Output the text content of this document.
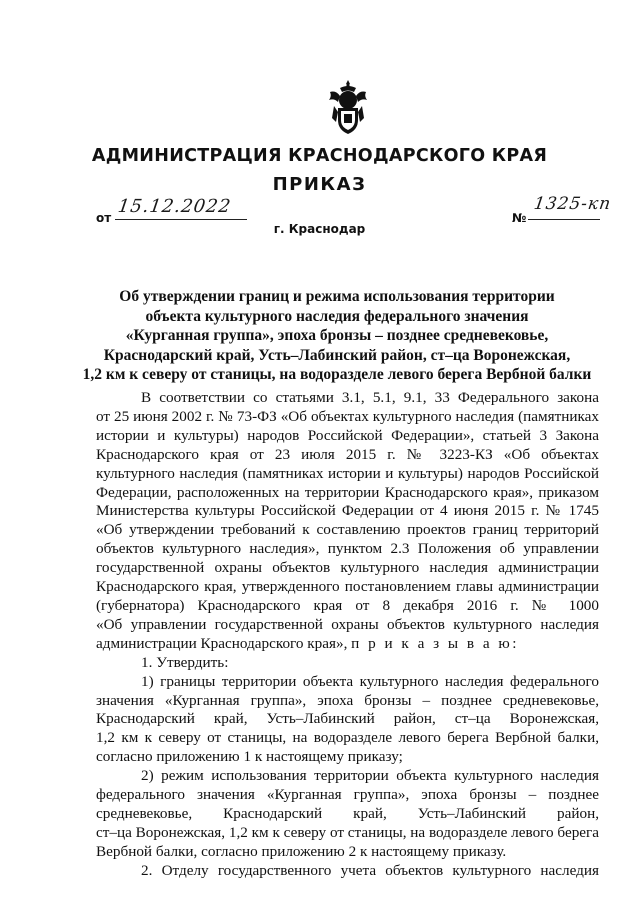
АДМИНИСТРАЦИЯ КРАСНОДАРСКОГО КРАЯ
ПРИКАЗ
от
15.12.2022
№
1325-кп
г. Краснодар
Об утверждении границ и режима использования территории
объекта культурного наследия федерального значения
«Курганная группа», эпоха бронзы – позднее средневековье,
Краснодарский край, Усть–Лабинский район, ст–ца Воронежская,
1,2 км к северу от станицы, на водоразделе левого берега Вербной балки
В соответствии со статьями 3.1, 5.1, 9.1, 33 Федерального закона
от 25 июня 2002 г. № 73-ФЗ «Об объектах культурного наследия (памятниках
истории и культуры) народов Российской Федерации», статьей 3 Закона
Краснодарского края от 23 июля 2015 г. № 3223-КЗ «Об объектах
культурного наследия (памятниках истории и культуры) народов Российской
Федерации, расположенных на территории Краснодарского края», приказом
Министерства культуры Российской Федерации от 4 июня 2015 г. № 1745
«Об утверждении требований к составлению проектов границ территорий
объектов культурного наследия», пунктом 2.3 Положения об управлении
государственной охраны объектов культурного наследия администрации
Краснодарского края, утвержденного постановлением главы администрации
(губернатора) Краснодарского края от 8 декабря 2016 г. № 1000
«Об управлении государственной охраны объектов культурного наследия
администрации Краснодарского края», п р и к а з ы в а ю:
1. Утвердить:
1) границы территории объекта культурного наследия федерального
значения «Курганная группа», эпоха бронзы – позднее средневековье,
Краснодарский край, Усть–Лабинский район, ст–ца Воронежская,
1,2 км к северу от станицы, на водоразделе левого берега Вербной балки,
согласно приложению 1 к настоящему приказу;
2) режим использования территории объекта культурного наследия
федерального значения «Курганная группа», эпоха бронзы – позднее
средневековье, Краснодарский край, Усть–Лабинский район,
ст–ца Воронежская, 1,2 км к северу от станицы, на водоразделе левого берега
Вербной балки, согласно приложению 2 к настоящему приказу.
2. Отделу государственного учета объектов культурного наследия
